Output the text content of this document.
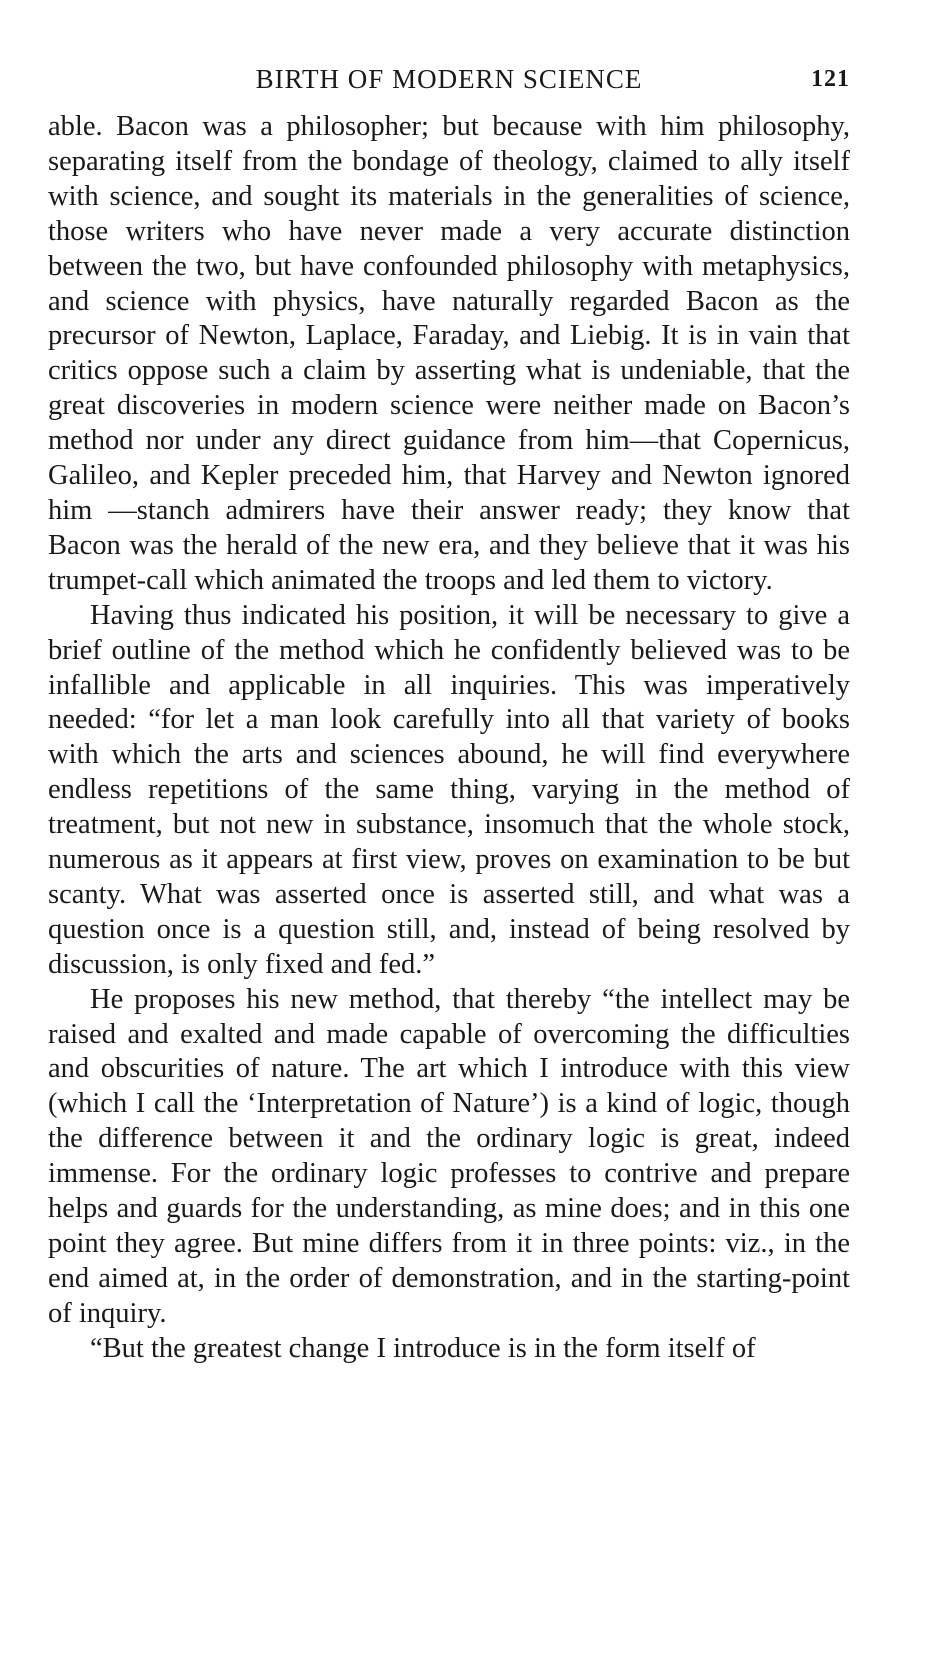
BIRTH OF MODERN SCIENCE	121

able. Bacon was a philosopher; but because with him philosophy, separating itself from the bondage of theology, claimed to ally itself with science, and sought its materials in the generalities of science, those writers who have never made a very accurate distinction between the two, but have confounded philosophy with metaphysics, and science with physics, have naturally regarded Bacon as the precursor of Newton, Laplace, Faraday, and Liebig. It is in vain that critics oppose such a claim by asserting what is undeniable, that the great discoveries in modern science were neither made on Bacon’s method nor under any direct guidance from him—that Copernicus, Galileo, and Kepler preceded him, that Harvey and Newton ignored him —stanch admirers have their answer ready; they know that Bacon was the herald of the new era, and they believe that it was his trumpet-call which animated the troops and led them to victory.

Having thus indicated his position, it will be necessary to give a brief outline of the method which he confidently believed was to be infallible and applicable in all inquiries. This was imperatively needed: “for let a man look carefully into all that variety of books with which the arts and sciences abound, he will find everywhere endless repetitions of the same thing, varying in the method of treatment, but not new in substance, insomuch that the whole stock, numerous as it appears at first view, proves on examination to be but scanty. What was asserted once is asserted still, and what was a question once is a question still, and, instead of being resolved by discussion, is only fixed and fed.”

He proposes his new method, that thereby “the intellect may be raised and exalted and made capable of overcoming the difficulties and obscurities of nature. The art which I introduce with this view (which I call the ‘Interpretation of Nature’) is a kind of logic, though the difference between it and the ordinary logic is great, indeed immense. For the ordinary logic professes to contrive and prepare helps and guards for the understanding, as mine does; and in this one point they agree. But mine differs from it in three points: viz., in the end aimed at, in the order of demonstration, and in the starting-point of inquiry.

“But the greatest change I introduce is in the form itself of
